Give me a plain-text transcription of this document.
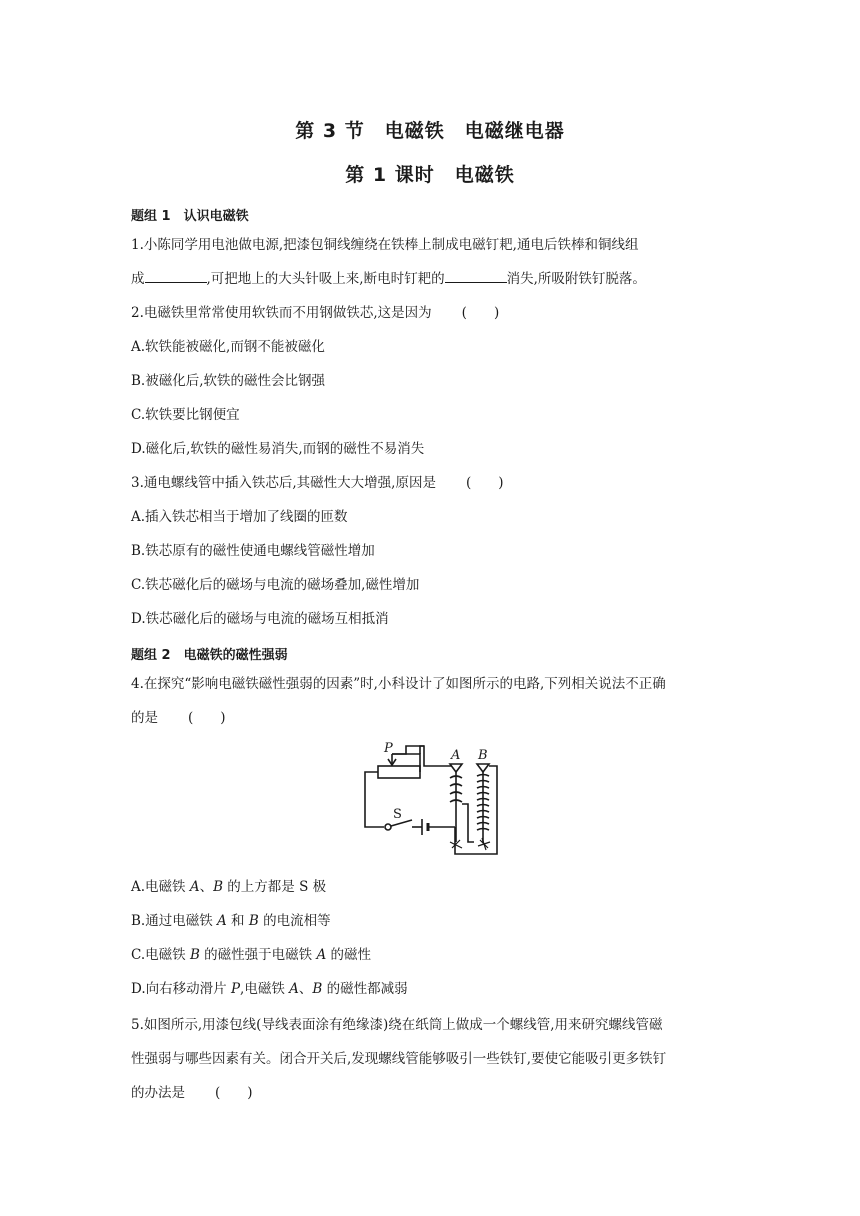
第 3 节　电磁铁　电磁继电器
第 1 课时　电磁铁
题组 1　认识电磁铁
1.小陈同学用电池做电源,把漆包铜线缠绕在铁棒上制成电磁钉耙,通电后铁棒和铜线组
成	,可把地上的大头针吸上来,断电时钉耙的	消失,所吸附铁钉脱落。
2.电磁铁里常常使用软铁而不用钢做铁芯,这是因为 (　　)
A.软铁能被磁化,而钢不能被磁化
B.被磁化后,软铁的磁性会比钢强
C.软铁要比钢便宜
D.磁化后,软铁的磁性易消失,而钢的磁性不易消失
3.通电螺线管中插入铁芯后,其磁性大大增强,原因是 (　　)
A.插入铁芯相当于增加了线圈的匝数
B.铁芯原有的磁性使通电螺线管磁性增加
C.铁芯磁化后的磁场与电流的磁场叠加,磁性增加
D.铁芯磁化后的磁场与电流的磁场互相抵消
题组 2　电磁铁的磁性强弱
4.在探究“影响电磁铁磁性强弱的因素”时,小科设计了如图所示的电路,下列相关说法不正确
的是 (　　)
P	A B
S
A.电磁铁 A、B 的上方都是 S 极
B.通过电磁铁 A 和 B 的电流相等
C.电磁铁 B 的磁性强于电磁铁 A 的磁性
D.向右移动滑片 P,电磁铁 A、B 的磁性都减弱
5.如图所示,用漆包线(导线表面涂有绝缘漆)绕在纸筒上做成一个螺线管,用来研究螺线管磁
性强弱与哪些因素有关。闭合开关后,发现螺线管能够吸引一些铁钉,要使它能吸引更多铁钉
的办法是 (　　)
